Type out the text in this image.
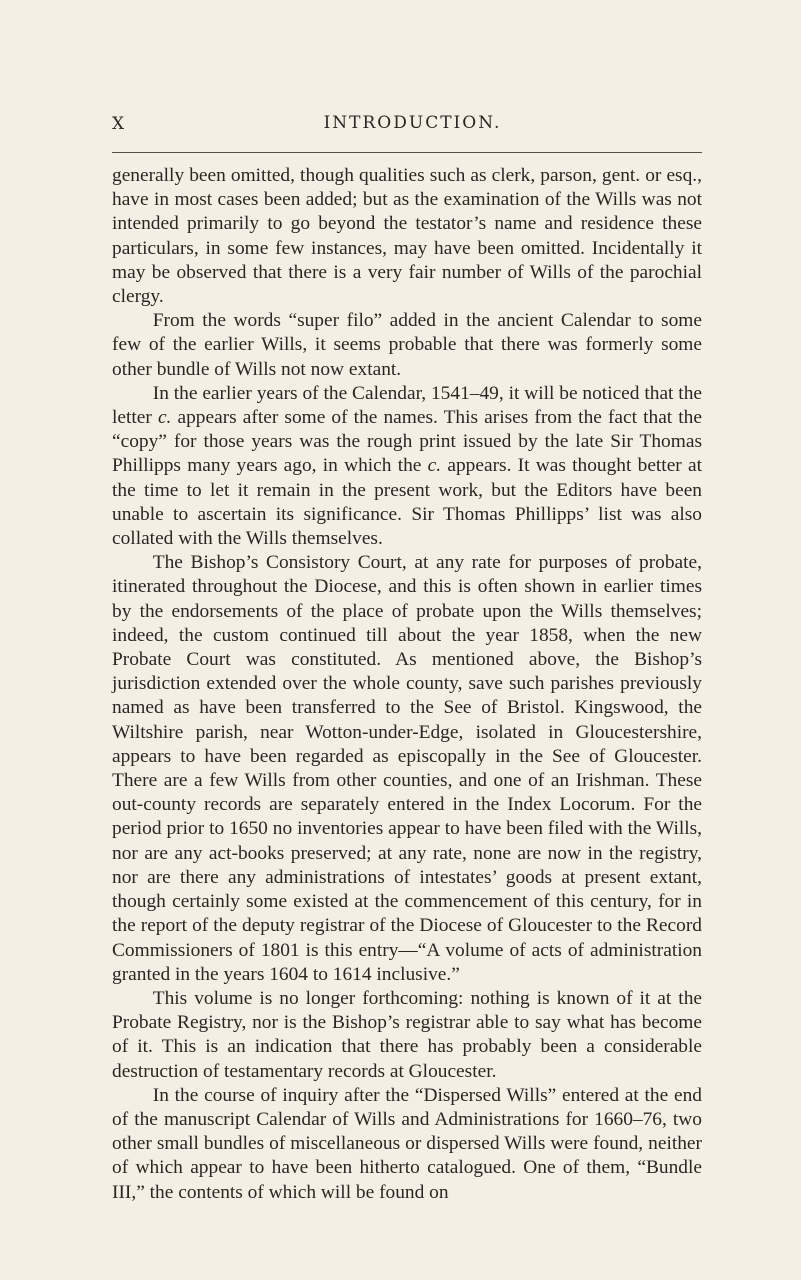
X	INTRODUCTION.

generally been omitted, though qualities such as clerk, parson, gent. or esq., have in most cases been added; but as the examination of the Wills was not intended primarily to go beyond the testator’s name and residence these particulars, in some few instances, may have been omitted. Incidentally it may be observed that there is a very fair number of Wills of the parochial clergy.

From the words “super filo” added in the ancient Calendar to some few of the earlier Wills, it seems probable that there was formerly some other bundle of Wills not now extant.

In the earlier years of the Calendar, 1541–49, it will be noticed that the letter c. appears after some of the names. This arises from the fact that the “copy” for those years was the rough print issued by the late Sir Thomas Phillipps many years ago, in which the c. appears. It was thought better at the time to let it remain in the present work, but the Editors have been unable to ascertain its significance. Sir Thomas Phillipps’ list was also collated with the Wills themselves.

The Bishop’s Consistory Court, at any rate for purposes of probate, itinerated throughout the Diocese, and this is often shown in earlier times by the endorsements of the place of probate upon the Wills themselves; indeed, the custom continued till about the year 1858, when the new Probate Court was constituted. As mentioned above, the Bishop’s jurisdiction extended over the whole county, save such parishes previously named as have been transferred to the See of Bristol. Kingswood, the Wiltshire parish, near Wotton-under-Edge, isolated in Gloucestershire, appears to have been regarded as episcopally in the See of Gloucester. There are a few Wills from other counties, and one of an Irishman. These out-county records are separately entered in the Index Locorum. For the period prior to 1650 no inventories appear to have been filed with the Wills, nor are any act-books preserved; at any rate, none are now in the registry, nor are there any administrations of intestates’ goods at present extant, though certainly some existed at the commencement of this century, for in the report of the deputy registrar of the Diocese of Gloucester to the Record Commissioners of 1801 is this entry—“A volume of acts of administration granted in the years 1604 to 1614 inclusive.”

This volume is no longer forthcoming: nothing is known of it at the Probate Registry, nor is the Bishop’s registrar able to say what has become of it. This is an indication that there has probably been a considerable destruction of testamentary records at Gloucester.

In the course of inquiry after the “Dispersed Wills” entered at the end of the manuscript Calendar of Wills and Administrations for 1660–76, two other small bundles of miscellaneous or dispersed Wills were found, neither of which appear to have been hitherto catalogued. One of them, “Bundle III,” the contents of which will be found on
